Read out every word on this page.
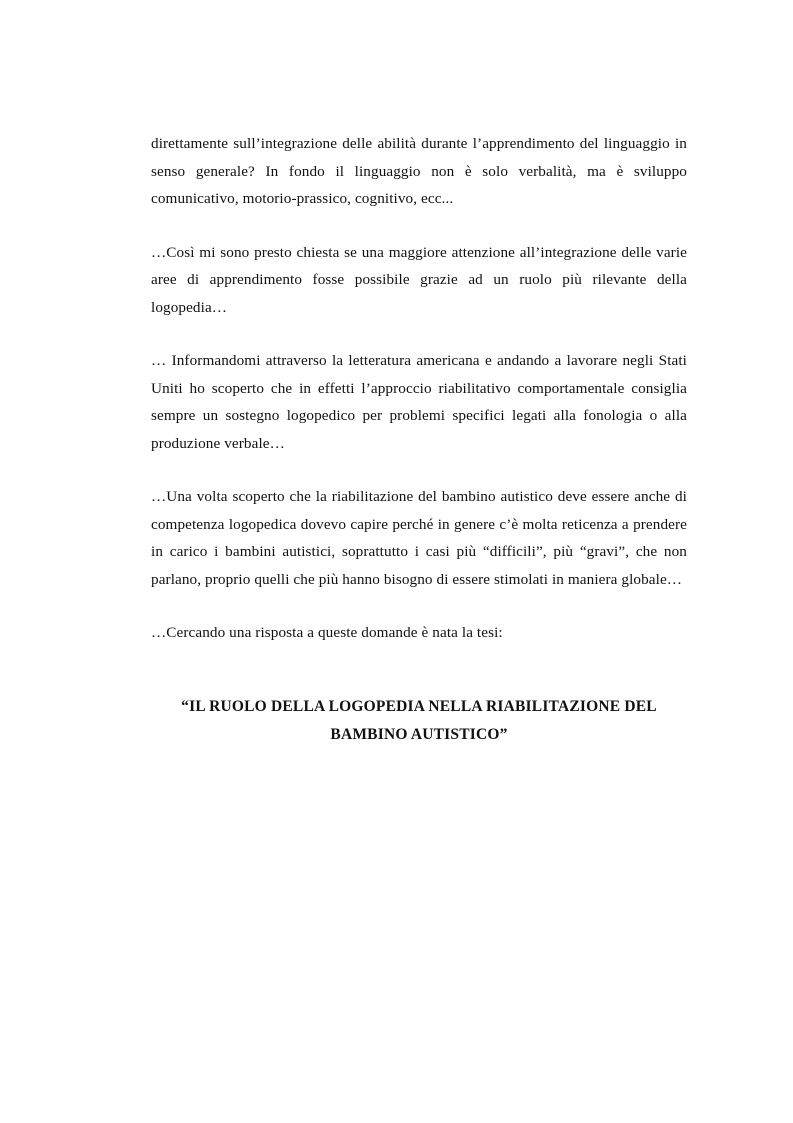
direttamente sull’integrazione delle abilità durante l’apprendimento del linguaggio in senso generale? In fondo il linguaggio non è solo verbalità, ma è sviluppo comunicativo, motorio-prassico, cognitivo, ecc...

…Così mi sono presto chiesta se una maggiore attenzione all’integrazione delle varie aree di apprendimento fosse possibile grazie ad un ruolo più rilevante della logopedia…

… Informandomi attraverso la letteratura americana e andando a lavorare negli Stati Uniti ho scoperto che in effetti l’approccio riabilitativo comportamentale consiglia sempre un sostegno logopedico per problemi specifici legati alla fonologia o alla produzione verbale…

…Una volta scoperto che la riabilitazione del bambino autistico deve essere anche di competenza logopedica dovevo capire perché in genere c’è molta reticenza a prendere in carico i bambini autistici, soprattutto i casi più “difficili”, più “gravi”, che non parlano, proprio quelli che più hanno bisogno di essere stimolati in maniera globale…

…Cercando una risposta a queste domande è nata la tesi:

“IL RUOLO DELLA LOGOPEDIA NELLA RIABILITAZIONE DEL
BAMBINO AUTISTICO”
